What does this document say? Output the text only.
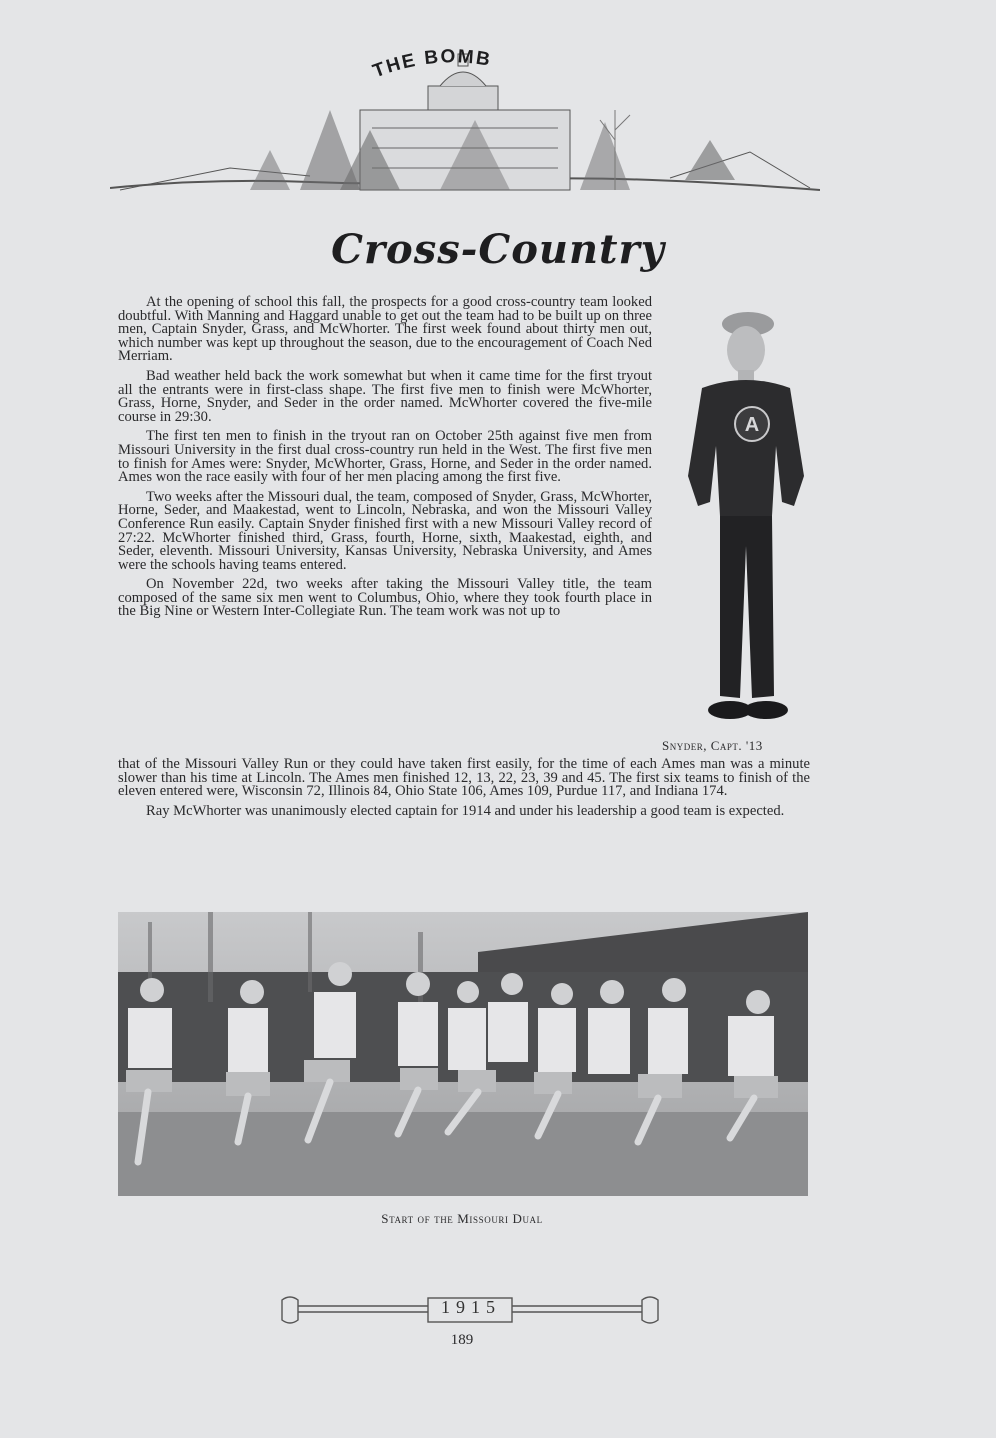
THE BOMB
Cross-Country

At the opening of school this fall, the prospects for a good cross-country team looked doubtful. With Manning and Haggard unable to get out the team had to be built up on three men, Captain Snyder, Grass, and McWhorter. The first week found about thirty men out, which number was kept up throughout the season, due to the encouragement of Coach Ned Merriam.

Bad weather held back the work somewhat but when it came time for the first tryout all the entrants were in first-class shape. The first five men to finish were McWhorter, Grass, Horne, Snyder, and Seder in the order named. McWhorter covered the five-mile course in 29:30.

The first ten men to finish in the tryout ran on October 25th against five men from Missouri University in the first dual cross-country run held in the West. The first five men to finish for Ames were: Snyder, McWhorter, Grass, Horne, and Seder in the order named. Ames won the race easily with four of her men placing among the first five.

Two weeks after the Missouri dual, the team, composed of Snyder, Grass, McWhorter, Horne, Seder, and Maakestad, went to Lincoln, Nebraska, and won the Missouri Valley Conference Run easily. Captain Snyder finished first with a new Missouri Valley record of 27:22. McWhorter finished third, Grass, fourth, Horne, sixth, Maakestad, eighth, and Seder, eleventh. Missouri University, Kansas University, Nebraska University, and Ames were the schools having teams entered.

On November 22d, two weeks after taking the Missouri Valley title, the team composed of the same six men went to Columbus, Ohio, where they took fourth place in the Big Nine or Western Inter-Collegiate Run. The team work was not up to

A
Snyder, Capt. '13

that of the Missouri Valley Run or they could have taken first easily, for the time of each Ames man was a minute slower than his time at Lincoln. The Ames men finished 12, 13, 22, 23, 39 and 45. The first six teams to finish of the eleven entered were, Wisconsin 72, Illinois 84, Ohio State 106, Ames 109, Purdue 117, and Indiana 174.

Ray McWhorter was unanimously elected captain for 1914 and under his leadership a good team is expected.

Start of the Missouri Dual
1915
189
